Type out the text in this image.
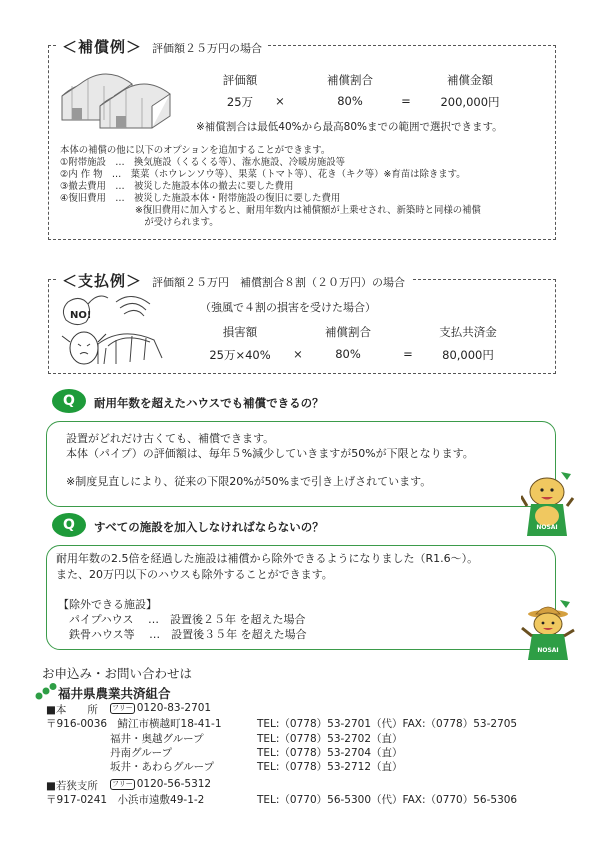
＜補償例＞ 評価額２５万円の場合
評価額	補償割合	補償金額
25万	×	80%	=	200,000円
※補償割合は最低40%から最高80%までの範囲で選択できます。
本体の補償の他に以下のオプションを追加することができます。
①附帯施設　…　換気施設（くるくる等）、潅水施設、冷暖房施設等
②内 作 物　…　葉菜（ホウレンソウ等）、果菜（トマト等）、花き（キク等）※育苗は除きます。
③撤去費用　…　被災した施設本体の撤去に要した費用
④復旧費用　…　被災した施設本体・附帯施設の復旧に要した費用
　　　　　　　　※復旧費用に加入すると、耐用年数内は補償額が上乗せされ、新築時と同様の補償
　　　　　　　　　が受けられます。
＜支払例＞ 評価額２５万円　補償割合８割（２０万円）の場合
NO!
（強風で４割の損害を受けた場合）
損害額	補償割合	支払共済金
25万×40%	×	80%	=	80,000円
Q	耐用年数を超えたハウスでも補償できるの？
設置がどれだけ古くても、補償できます。
本体（パイプ）の評価額は、毎年５%減少していきますが50%が下限となります。
※制度見直しにより、従来の下限20%が50%まで引き上げされています。
NOSAI
Q	すべての施設を加入しなければならないの？
耐用年数の2.5倍を経過した施設は補償から除外できるようになりました（R1.6～）。
また、20万円以下のハウスも除外することができます。
【除外できる施設】
　パイプハウス　 …　設置後２５年 を超えた場合
　鉄骨ハウス等　 …　設置後３５年 を超えた場合
NOSAI
お申込み・お問い合わせは
福井県農業共済組合
■本　　所 フリー 0120-83-2701
〒916-0036　鯖江市横越町18-41-1	TEL:（0778）53-2701（代）FAX:（0778）53-2705
福井・奥越グループ	TEL:（0778）53-2702（直）
丹南グループ	TEL:（0778）53-2704（直）
坂井・あわらグループ	TEL:（0778）53-2712（直）
■若狭支所 フリー 0120-56-5312
〒917-0241　小浜市遠敷49-1-2	TEL:（0770）56-5300（代）FAX:（0770）56-5306
